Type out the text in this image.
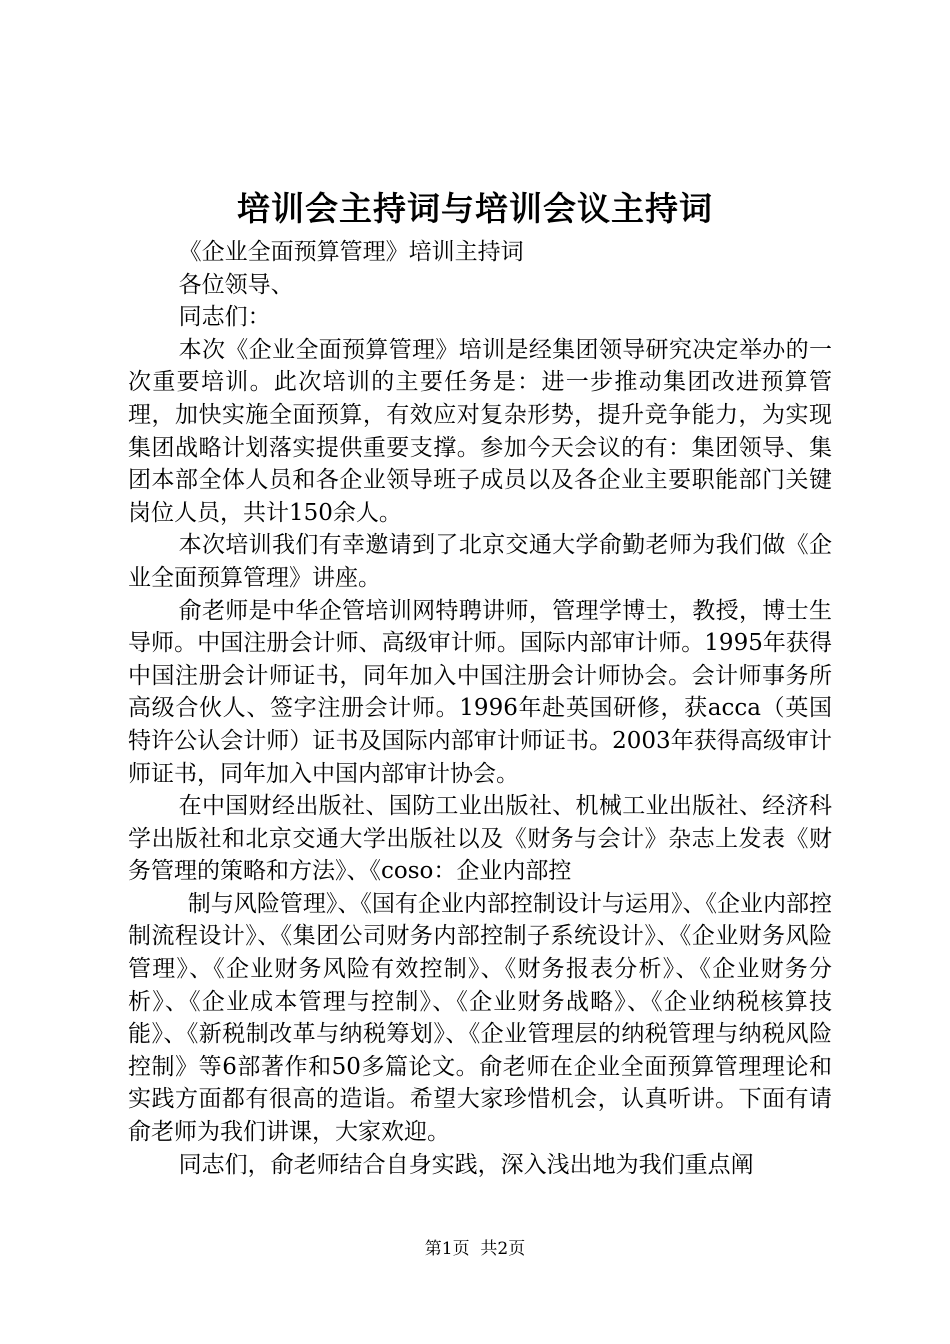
培训会主持词与培训会议主持词

《企业全面预算管理》培训主持词

各位领导、

同志们：

本次《企业全面预算管理》培训是经集团领导研究决定举办的一次重要培训。此次培训的主要任务是：进一步推动集团改进预算管理，加快实施全面预算，有效应对复杂形势，提升竞争能力，为实现集团战略计划落实提供重要支撑。参加今天会议的有：集团领导、集团本部全体人员和各企业领导班子成员以及各企业主要职能部门关键岗位人员，共计150余人。

本次培训我们有幸邀请到了北京交通大学俞勤老师为我们做《企业全面预算管理》讲座。

俞老师是中华企管培训网特聘讲师，管理学博士，教授，博士生导师。中国注册会计师、高级审计师。国际内部审计师。1995年获得中国注册会计师证书，同年加入中国注册会计师协会。会计师事务所高级合伙人、签字注册会计师。1996年赴英国研修，获acca（英国特许公认会计师）证书及国际内部审计师证书。2003年获得高级审计师证书，同年加入中国内部审计协会。

在中国财经出版社、国防工业出版社、机械工业出版社、经济科学出版社和北京交通大学出版社以及《财务与会计》杂志上发表《财务管理的策略和方法》、《coso：企业内部控

制与风险管理》、《国有企业内部控制设计与运用》、《企业内部控制流程设计》、《集团公司财务内部控制子系统设计》、《企业财务风险管理》、《企业财务风险有效控制》、《财务报表分析》、《企业财务分析》、《企业成本管理与控制》、《企业财务战略》、《企业纳税核算技能》、《新税制改革与纳税筹划》、《企业管理层的纳税管理与纳税风险控制》等6部著作和50多篇论文。俞老师在企业全面预算管理理论和实践方面都有很高的造诣。希望大家珍惜机会，认真听讲。下面有请俞老师为我们讲课，大家欢迎。

同志们，俞老师结合自身实践，深入浅出地为我们重点阐

第1页 共2页
